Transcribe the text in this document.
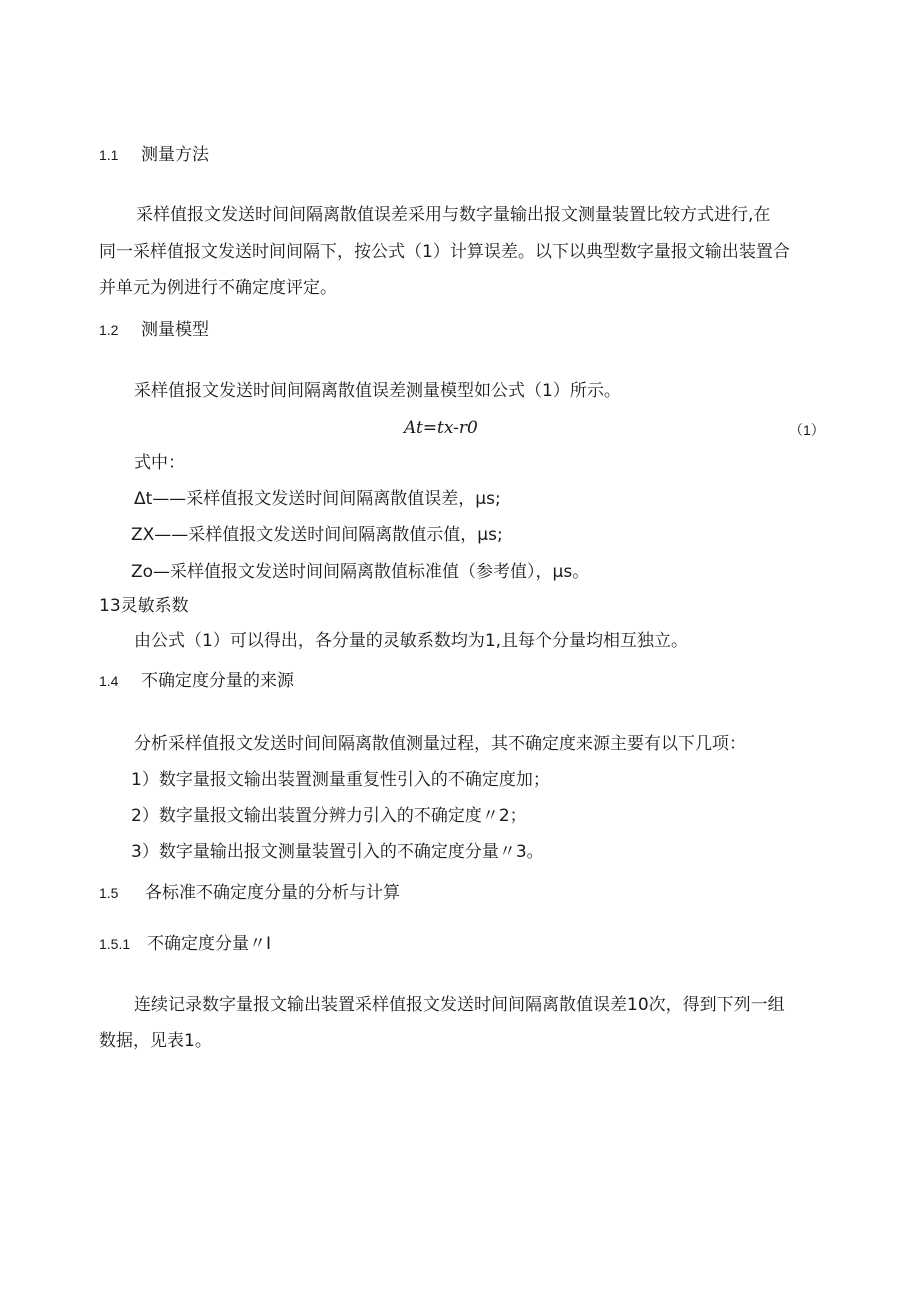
1.1 测量方法
采样值报文发送时间间隔离散值误差采用与数字量输出报文测量装置比较方式进行,在
同一采样值报文发送时间间隔下，按公式（1）计算误差。以下以典型数字量报文输出装置合
并单元为例进行不确定度评定。
1.2 测量模型
采样值报文发送时间间隔离散值误差测量模型如公式（1）所示。
At=tx-r0	（1）
式中：
Δt——采样值报文发送时间间隔离散值误差，μs;
ZX——采样值报文发送时间间隔离散值示值，μs;
Zo—采样值报文发送时间间隔离散值标准值（参考值），μs。
13灵敏系数
由公式（1）可以得出，各分量的灵敏系数均为1,且每个分量均相互独立。
1.4 不确定度分量的来源
分析采样值报文发送时间间隔离散值测量过程，其不确定度来源主要有以下几项：
1）数字量报文输出装置测量重复性引入的不确定度加；
2）数字量报文输出装置分辨力引入的不确定度〃2；
3）数字量输出报文测量装置引入的不确定度分量〃3。
1.5 各标准不确定度分量的分析与计算
1.5.1 不确定度分量〃I
连续记录数字量报文输出装置采样值报文发送时间间隔离散值误差10次，得到下列一组
数据，见表1。
